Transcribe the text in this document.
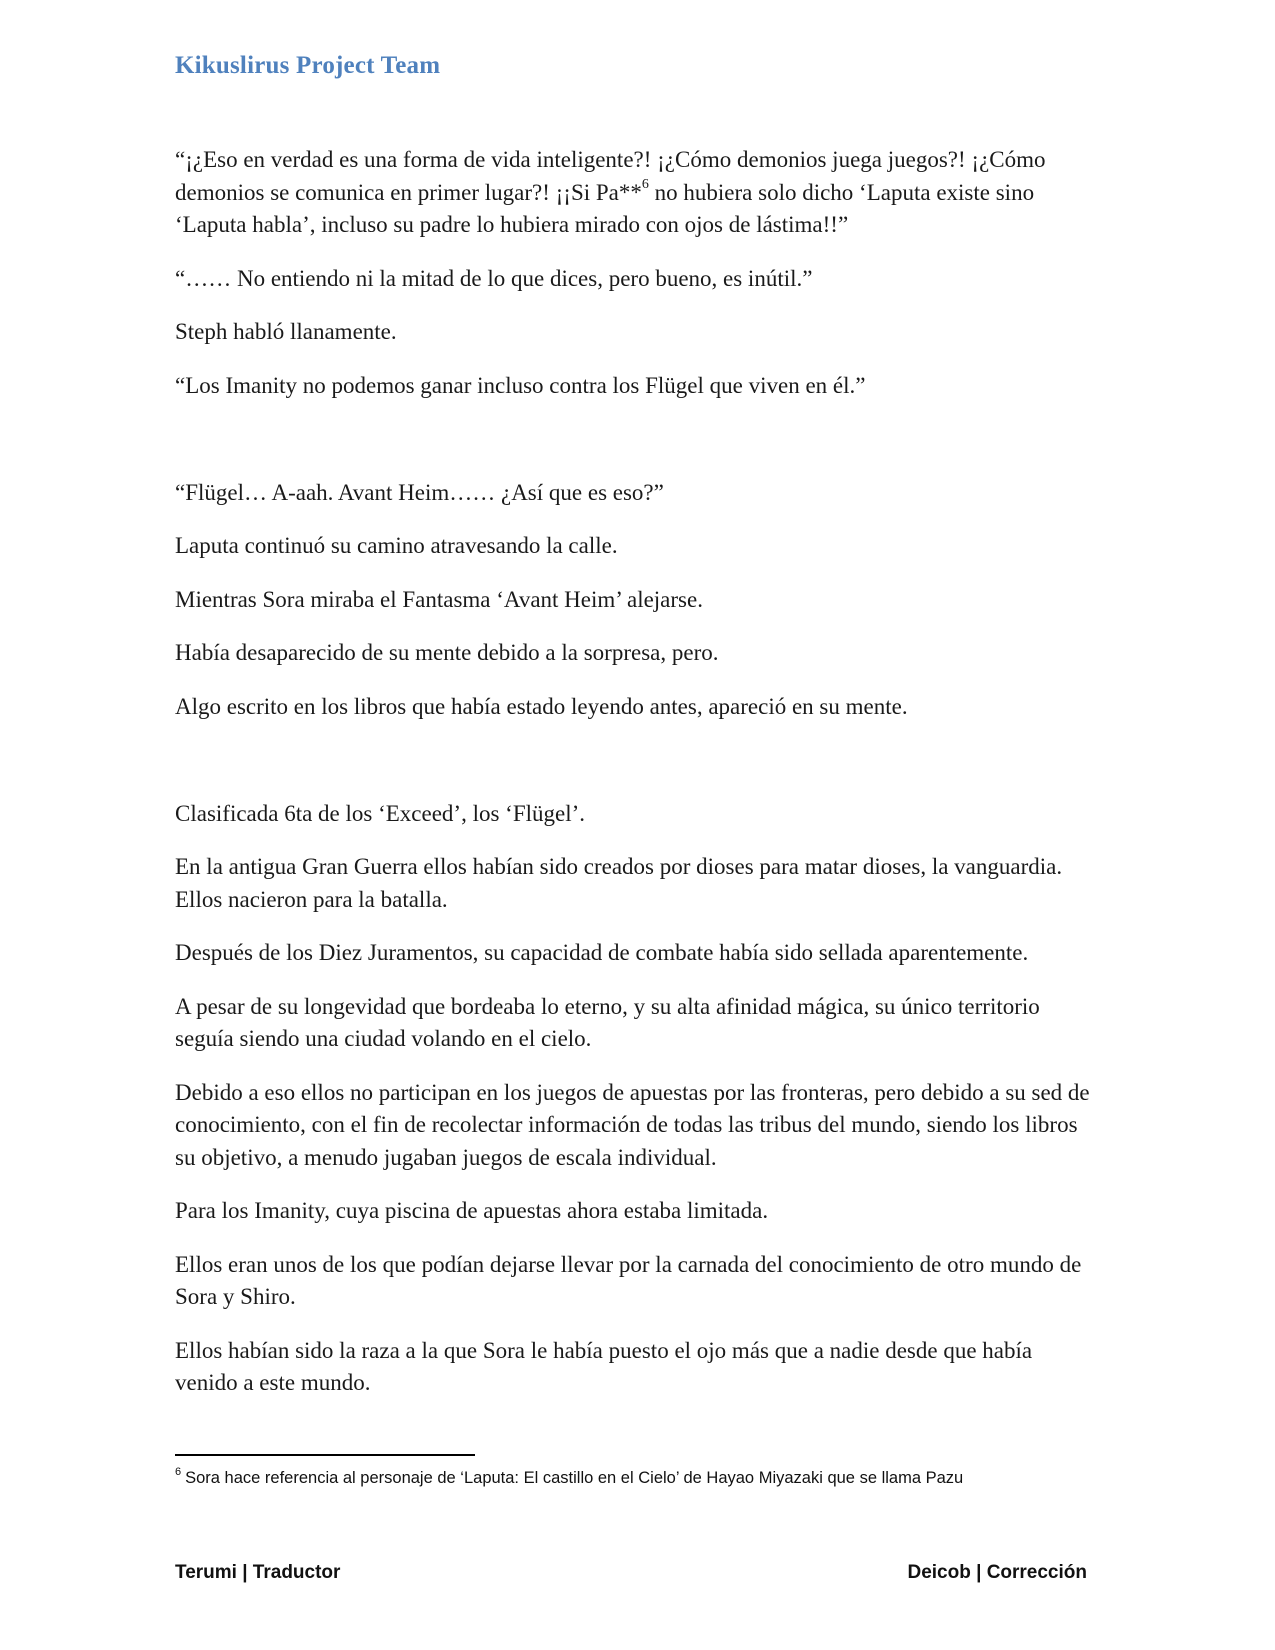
Kikuslirus Project Team

“¡¿Eso en verdad es una forma de vida inteligente?! ¡¿Cómo demonios juega juegos?! ¡¿Cómo demonios se comunica en primer lugar?! ¡¡Si Pa**$^6$ no hubiera solo dicho ‘Laputa existe sino ‘Laputa habla’, incluso su padre lo hubiera mirado con ojos de lástima!!”

“…… No entiendo ni la mitad de lo que dices, pero bueno, es inútil.”

Steph habló llanamente.

“Los Imanity no podemos ganar incluso contra los Flügel que viven en él.”

“Flügel… A-aah. Avant Heim…… ¿Así que es eso?”

Laputa continuó su camino atravesando la calle.

Mientras Sora miraba el Fantasma ‘Avant Heim’ alejarse.

Había desaparecido de su mente debido a la sorpresa, pero.

Algo escrito en los libros que había estado leyendo antes, apareció en su mente.

Clasificada 6ta de los ‘Exceed’, los ‘Flügel’.

En la antigua Gran Guerra ellos habían sido creados por dioses para matar dioses, la vanguardia. Ellos nacieron para la batalla.

Después de los Diez Juramentos, su capacidad de combate había sido sellada aparentemente.

A pesar de su longevidad que bordeaba lo eterno, y su alta afinidad mágica, su único territorio seguía siendo una ciudad volando en el cielo.

Debido a eso ellos no participan en los juegos de apuestas por las fronteras, pero debido a su sed de conocimiento, con el fin de recolectar información de todas las tribus del mundo, siendo los libros su objetivo, a menudo jugaban juegos de escala individual.

Para los Imanity, cuya piscina de apuestas ahora estaba limitada.

Ellos eran unos de los que podían dejarse llevar por la carnada del conocimiento de otro mundo de Sora y Shiro.

Ellos habían sido la raza a la que Sora le había puesto el ojo más que a nadie desde que había venido a este mundo.

$^6$ Sora hace referencia al personaje de ‘Laputa: El castillo en el Cielo’ de Hayao Miyazaki que se llama Pazu
Terumi | Traductor	Deicob | Corrección
